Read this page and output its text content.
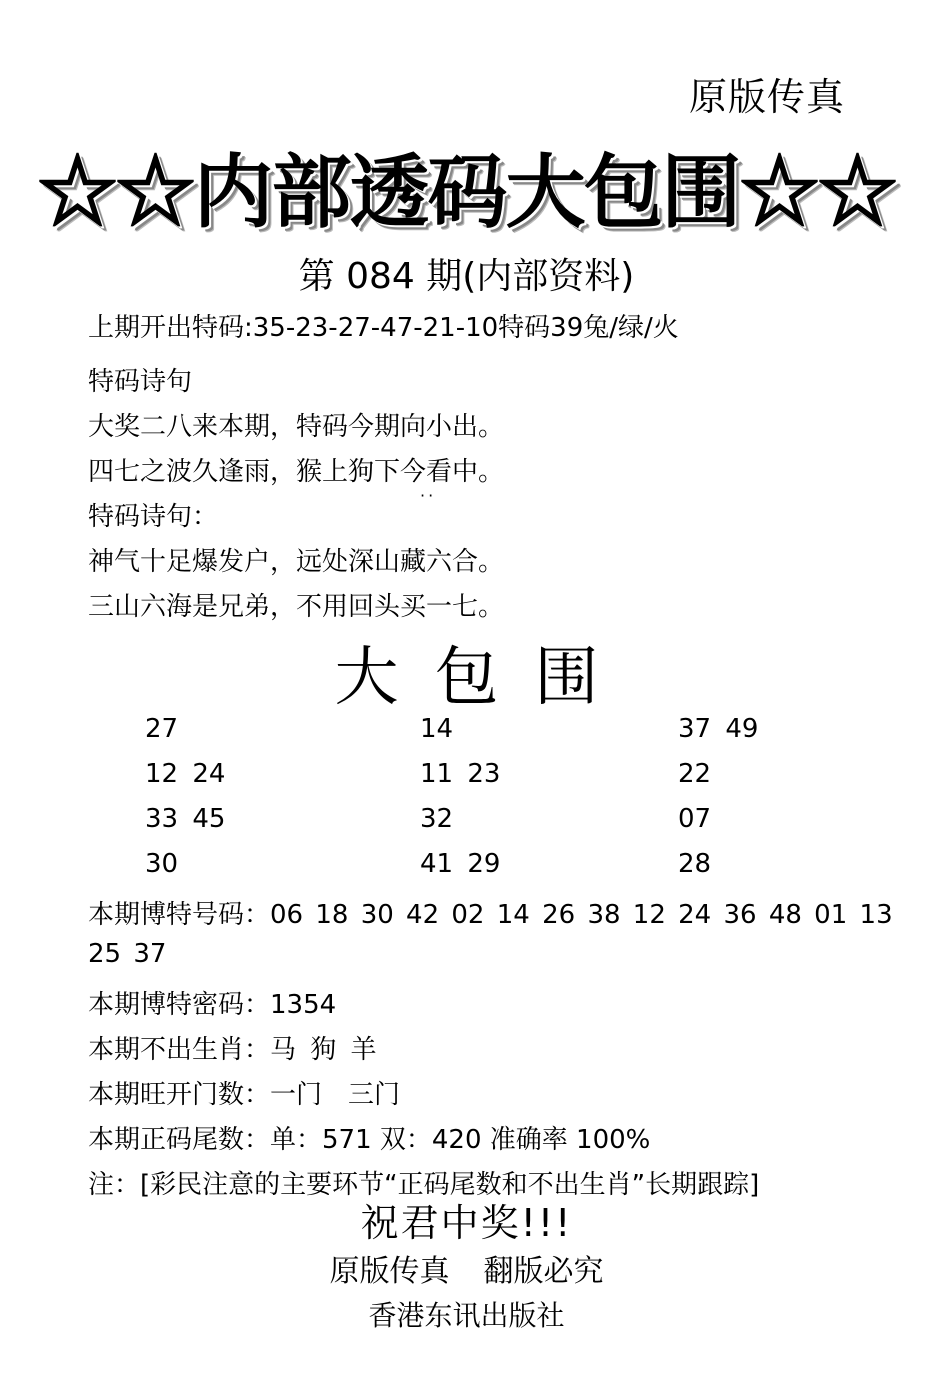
原版传真
☆☆内部透码大包围☆☆
第 084 期(内部资料)
上期开出特码:35-23-27-47-21-10特码39兔/绿/火
特码诗句
大奖二八来本期，特码今期向小出。
四七之波久逢雨，猴上狗下今看中。
··
特码诗句：
神气十足爆发户，远处深山藏六合。
三山六海是兄弟，不用回头买一七。
大包围
27	14	37 49
12 24	11 23	22
33 45	32	07
30	41 29	28
本期博特号码：06 18 30 42 02 14 26 38 12 24 36 48 01 13
25 37
本期博特密码：1354
本期不出生肖：马 狗 羊
本期旺开门数：一门　三门
本期正码尾数：单：571 双：420 准确率 100%
注：[彩民注意的主要环节“正码尾数和不出生肖”长期跟踪]
祝君中奖!!!
原版传真 翻版必究
香港东讯出版社
